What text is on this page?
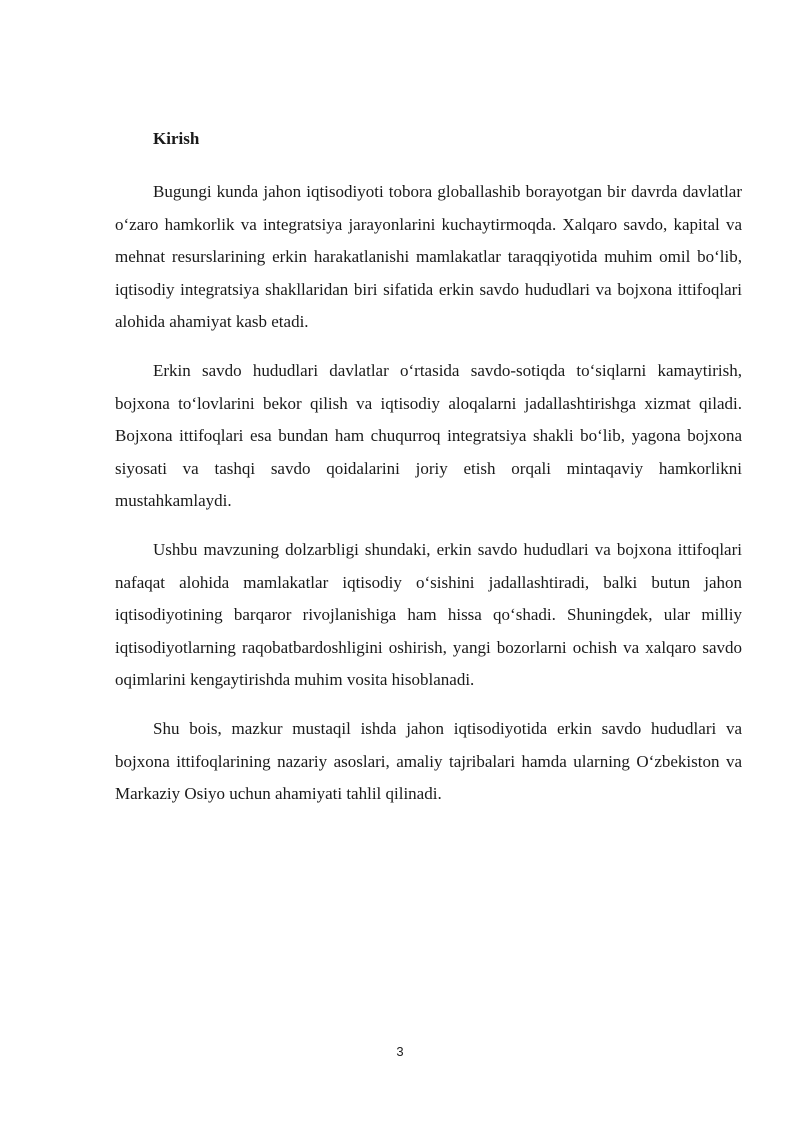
Kirish

Bugungi kunda jahon iqtisodiyoti tobora globallashib borayotgan bir davrda davlatlar o‘zaro hamkorlik va integratsiya jarayonlarini kuchaytirmoqda. Xalqaro savdo, kapital va mehnat resurslarining erkin harakatlanishi mamlakatlar taraqqiyotida muhim omil bo‘lib, iqtisodiy integratsiya shakllaridan biri sifatida erkin savdo hududlari va bojxona ittifoqlari alohida ahamiyat kasb etadi.

Erkin savdo hududlari davlatlar o‘rtasida savdo-sotiqda to‘siqlarni kamaytirish, bojxona to‘lovlarini bekor qilish va iqtisodiy aloqalarni jadallashtirishga xizmat qiladi. Bojxona ittifoqlari esa bundan ham chuqurroq integratsiya shakli bo‘lib, yagona bojxona siyosati va tashqi savdo qoidalarini joriy etish orqali mintaqaviy hamkorlikni mustahkamlaydi.

Ushbu mavzuning dolzarbligi shundaki, erkin savdo hududlari va bojxona ittifoqlari nafaqat alohida mamlakatlar iqtisodiy o‘sishini jadallashtiradi, balki butun jahon iqtisodiyotining barqaror rivojlanishiga ham hissa qo‘shadi. Shuningdek, ular milliy iqtisodiyotlarning raqobatbardoshligini oshirish, yangi bozorlarni ochish va xalqaro savdo oqimlarini kengaytirishda muhim vosita hisoblanadi.

Shu bois, mazkur mustaqil ishda jahon iqtisodiyotida erkin savdo hududlari va bojxona ittifoqlarining nazariy asoslari, amaliy tajribalari hamda ularning O‘zbekiston va Markaziy Osiyo uchun ahamiyati tahlil qilinadi.

3
